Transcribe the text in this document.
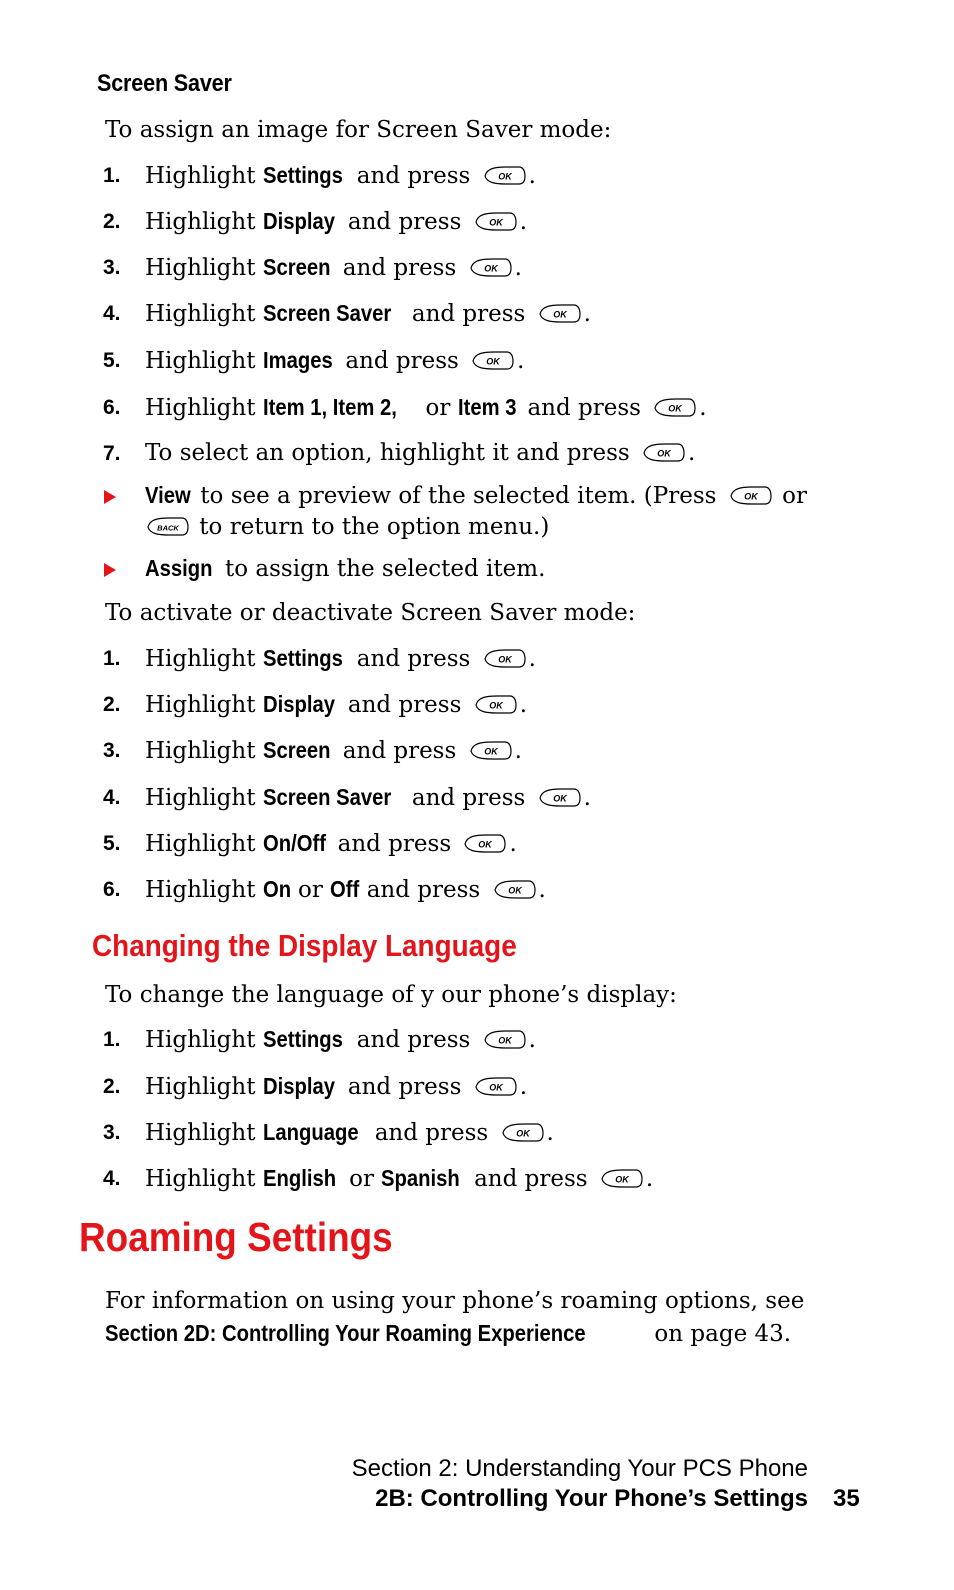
Screen Saver
To assign an image for Screen Saver mode:
1. Highlight Settings and press OK .
2. Highlight Display and press OK .
3. Highlight Screen and press OK .
4. Highlight Screen Saver and press OK .
5. Highlight Images and press OK .
6. Highlight Item 1, Item 2,  or Item 3 and press OK .
7. To select an option, highlight it and press OK .
View to see a preview of the selected item. (Press OK or
BACK to return to the option menu.)
Assign to assign the selected item.
To activate or deactivate Screen Saver mode:
1. Highlight Settings and press OK .
2. Highlight Display and press OK .
3. Highlight Screen and press OK .
4. Highlight Screen Saver and press OK .
5. Highlight On/Off and press OK .
6. Highlight On or Off and press OK .
Changing the Display Language
To change the language of y our phone’s display:
1. Highlight Settings and press OK .
2. Highlight Display and press OK .
3. Highlight Language and press OK .
4. Highlight English or Spanish and press OK .
Roaming Settings
For information on using your phone’s roaming options, see
Section 2D: Controlling Your Roaming Experience	on page 43.
Section 2: Understanding Your PCS Phone
2B: Controlling Your Phone’s Settings 35
